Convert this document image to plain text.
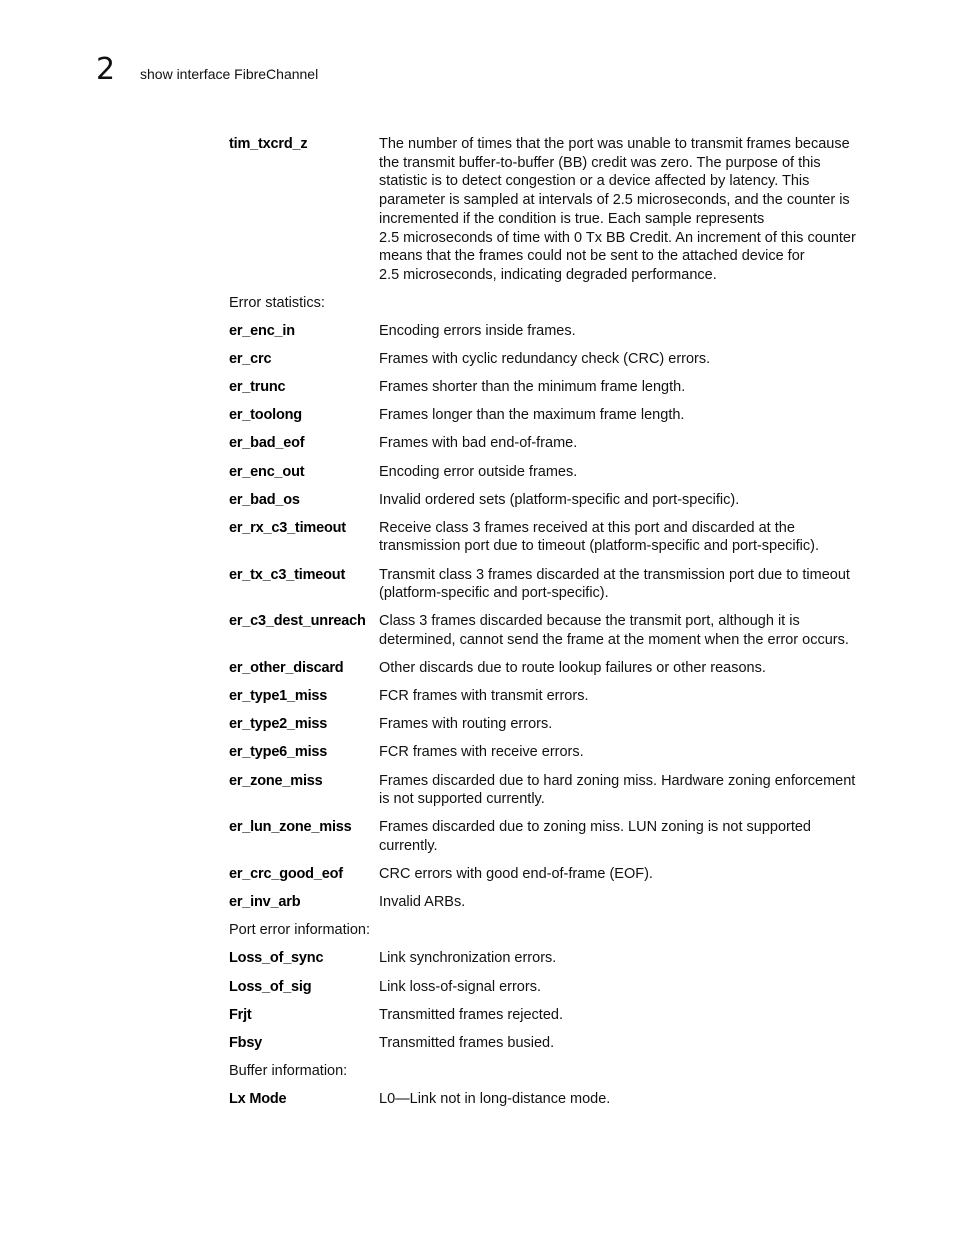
2 show interface FibreChannel
tim_txcrd_z	The number of times that the port was unable to transmit frames because
the transmit buffer-to-buffer (BB) credit was zero. The purpose of this
statistic is to detect congestion or a device affected by latency. This
parameter is sampled at intervals of 2.5 microseconds, and the counter is
incremented if the condition is true. Each sample represents
2.5 microseconds of time with 0 Tx BB Credit. An increment of this counter
means that the frames could not be sent to the attached device for
2.5 microseconds, indicating degraded performance.
Error statistics:
er_enc_in	Encoding errors inside frames.
er_crc	Frames with cyclic redundancy check (CRC) errors.
er_trunc	Frames shorter than the minimum frame length.
er_toolong	Frames longer than the maximum frame length.
er_bad_eof	Frames with bad end-of-frame.
er_enc_out	Encoding error outside frames.
er_bad_os	Invalid ordered sets (platform-specific and port-specific).
er_rx_c3_timeout	Receive class 3 frames received at this port and discarded at the
transmission port due to timeout (platform-specific and port-specific).
er_tx_c3_timeout	Transmit class 3 frames discarded at the transmission port due to timeout
(platform-specific and port-specific).
er_c3_dest_unreach Class 3 frames discarded because the transmit port, although it is
determined, cannot send the frame at the moment when the error occurs.
er_other_discard	Other discards due to route lookup failures or other reasons.
er_type1_miss	FCR frames with transmit errors.
er_type2_miss	Frames with routing errors.
er_type6_miss	FCR frames with receive errors.
er_zone_miss	Frames discarded due to hard zoning miss. Hardware zoning enforcement
is not supported currently.
er_lun_zone_miss	Frames discarded due to zoning miss. LUN zoning is not supported
currently.
er_crc_good_eof	CRC errors with good end-of-frame (EOF).
er_inv_arb	Invalid ARBs.
Port error information:
Loss_of_sync	Link synchronization errors.
Loss_of_sig	Link loss-of-signal errors.
Frjt	Transmitted frames rejected.
Fbsy	Transmitted frames busied.
Buffer information:
Lx Mode	L0—Link not in long-distance mode.
